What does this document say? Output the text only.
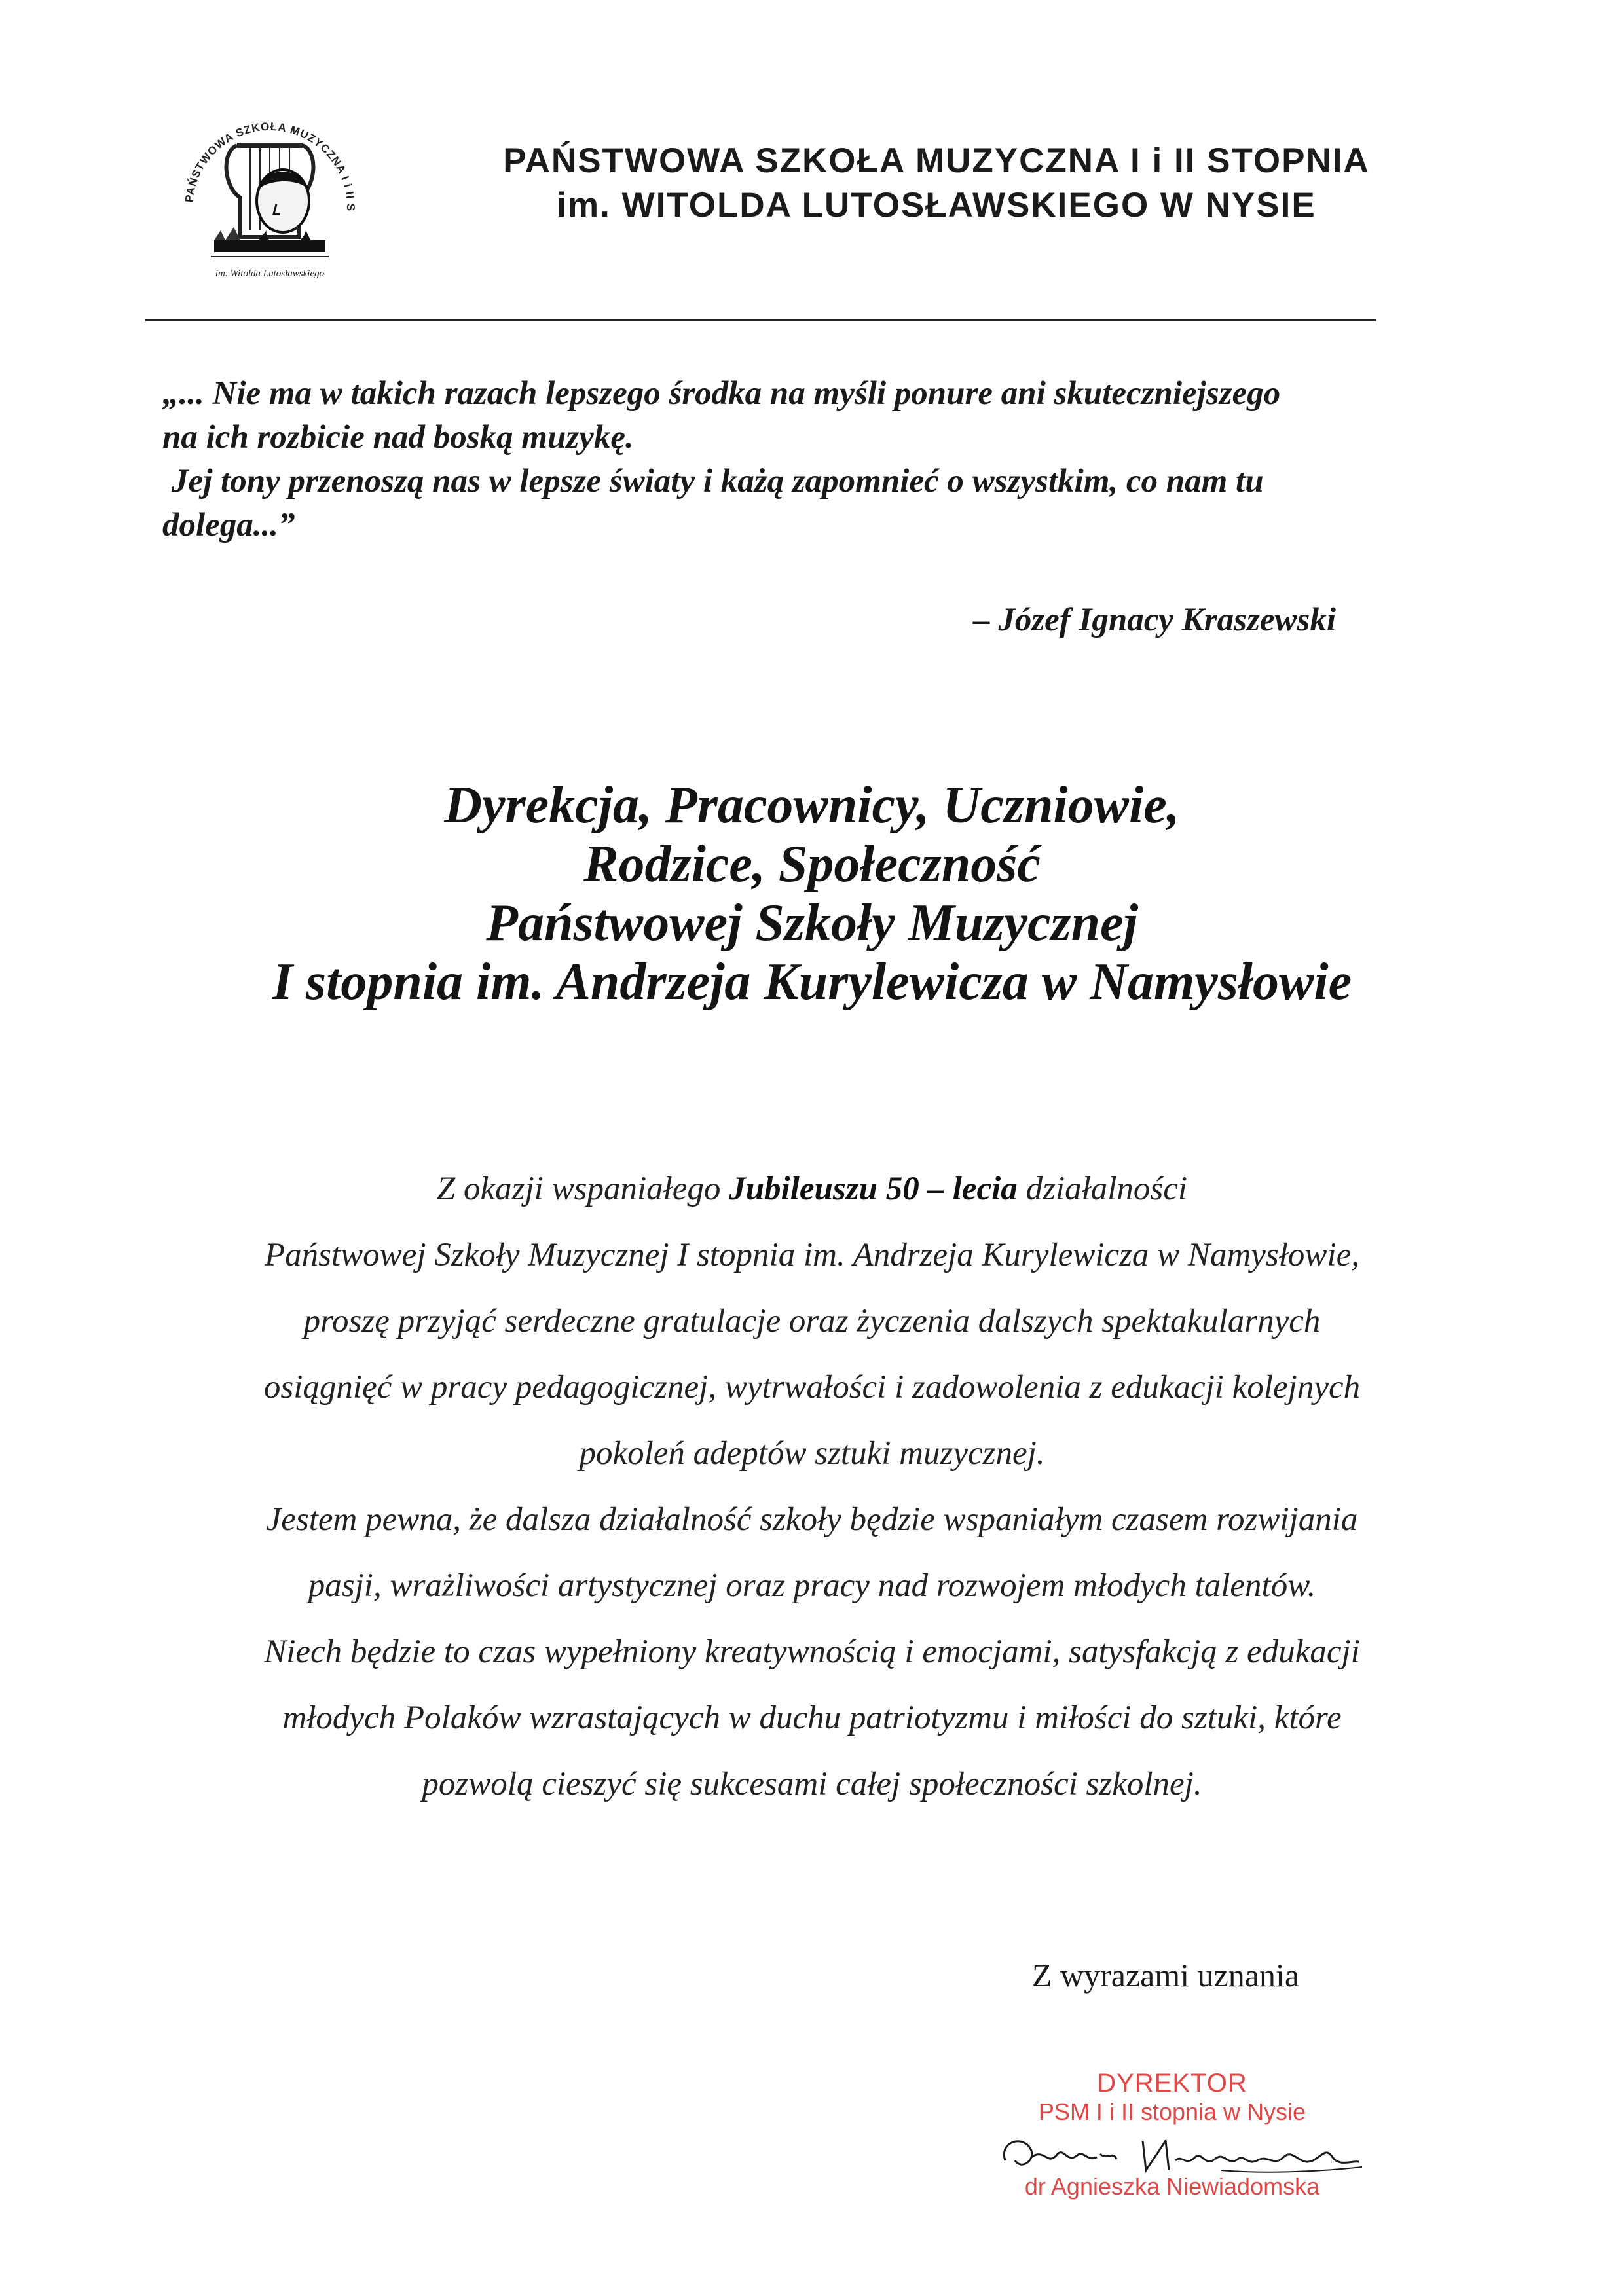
PAŃSTWOWA SZKOŁA MUZYCZNA I i II S
im. Witolda Lutosławskiego
PAŃSTWOWA SZKOŁA MUZYCZNA I i II STOPNIA
im. WITOLDA LUTOSŁAWSKIEGO W NYSIE
„... Nie ma w takich razach lepszego środka na myśli ponure ani skuteczniejszego
na ich rozbicie nad boską muzykę.
Jej tony przenoszą nas w lepsze światy i każą zapomnieć o wszystkim, co nam tu
dolega...”
– Józef Ignacy Kraszewski
Dyrekcja, Pracownicy, Uczniowie,
Rodzice, Społeczność
Państwowej Szkoły Muzycznej
I stopnia im. Andrzeja Kurylewicza w Namysłowie
Z okazji wspaniałego Jubileuszu 50 – lecia działalności
Państwowej Szkoły Muzycznej I stopnia im. Andrzeja Kurylewicza w Namysłowie,
proszę przyjąć serdeczne gratulacje oraz życzenia dalszych spektakularnych
osiągnięć w pracy pedagogicznej, wytrwałości i zadowolenia z edukacji kolejnych
pokoleń adeptów sztuki muzycznej.
Jestem pewna, że dalsza działalność szkoły będzie wspaniałym czasem rozwijania
pasji, wrażliwości artystycznej oraz pracy nad rozwojem młodych talentów.
Niech będzie to czas wypełniony kreatywnością i emocjami, satysfakcją z edukacji
młodych Polaków wzrastających w duchu patriotyzmu i miłości do sztuki, które
pozwolą cieszyć się sukcesami całej społeczności szkolnej.
Z wyrazami uznania
DYREKTOR
PSM I i II stopnia w Nysie
dr Agnieszka Niewiadomska
